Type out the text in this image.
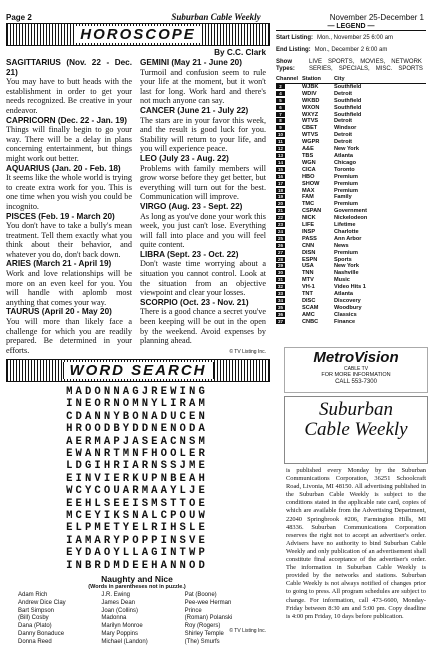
Page 2	Suburban Cable Weekly	November 25-December 1
HOROSCOPE
By C.C. Clark
SAGITTARIUS (Nov. 22 - Dec. 21)
You may have to butt heads with the establishment in order to get your needs recognized. Be creative in your endeavor.
CAPRICORN (Dec. 22 - Jan. 19)
Things will finally begin to go your way. There will be a delay in plans concerning entertainment, but things might work out better.
AQUARIUS (Jan. 20 - Feb. 18)
It seems like the whole world is trying to create extra work for you. This is one time when you wish you could be incognito.
PISCES (Feb. 19 - March 20)
You don't have to take a bully's mean treatment. Tell them exactly what you think about their behavior, and whatever you do, don't back down.
ARIES (March 21 - April 19)
Work and love relationships will be more on an even keel for you. You will handle with aplomb most anything that comes your way.
TAURUS (April 20 - May 20)
You will more than likely face a challenge for which you are readily prepared. Be determined in your efforts.
GEMINI (May 21 - June 20)
Turmoil and confusion seem to rule your life at the moment, but it won't last for long. Work hard and there's not much anyone can say.
CANCER (June 21 - July 22)
The stars are in your favor this week, and the result is good luck for you. Stability will return to your life, and you will experience peace.
LEO (July 23 - Aug. 22)
Problems with family members will grow worse before they get better, but everything will turn out for the best. Communication will improve.
VIRGO (Aug. 23 - Sept. 22)
As long as you've done your work this week, you just can't lose. Everything will fall into place and you will feel quite content.
LIBRA (Sept. 23 - Oct. 22)
Don't waste time worrying about a situation you cannot control. Look at the situation from an objective viewpoint and clear your losses.
SCORPIO (Oct. 23 - Nov. 21)
There is a good chance a secret you've been keeping will be out in the open by the weekend. Avoid expenses by planning ahead.
© TV Listing Inc.
— LEGEND —
Start Listing: Mon., November 25 6:00 am
End Listing: Mon., December 2 6:00 am
Show Types:
LIVE SPORTS, MOVIES, NETWORK
SERIES, SPECIALS, MISC. SPORTS
Channel Station	City
2	WJBK	Southfield
4	WDIV	Detroit
5	WKBD	Southfield
6	WXON	Southfield
7	WXYZ	Southfield
8	WTVS	Detroit
9	CBET	Windsor
10	WTVS	Detroit
11	WGPR	Detroit
12	A&E	New York
13	TBS	Atlanta
14	WGN	Chicago
15	CICA	Toronto
16	HBO	Premium
17	SHOW	Premium
18	MAX	Premium
19	FAM	Family
20	TMC	Premium
21	CSPAN	Government
22	NICK	Nickelodeon
23	LIFE	Lifetime
24	INSP	Charlotte
25	PASS	Ann Arbor
26	CNN	News
27	DISN	Premium
28	ESPN	Sports
29	USA	New York
30	TNN	Nashville
31	MTV	Music
32	VH-1	Video Hits 1
33	TNT	Atlanta
34	DISC	Discovery
35	SCAM	Woodbury
36	AMC	Classics
37	CNBC	Finance
WORD SEARCH
MADONNAGJREWING
INEORNOMNYLIRAM
CDANNYBONADUCEN
HROODBYDDNENODA
AERMAPJASEACNSM
EWANRTMNFHOOLER
LDGIHRIARNSSJME
EINVIERKUPNBEAH
WCYCOUARMAAYLJE
EEHLSEEISMSTTOE
MCEYIKSNALCPOUW
ELPMETYELRIHSLE
IAMARYPOPPINSVE
EYDAOYLLAGINTWP
INBRDMDEEHANNOD
Naughty and Nice
(Words in parentheses not in puzzle.)
Adam Rich
Andrew Dice Clay
Bart Simpson
(Bill) Cosby
Dana (Plato)
Danny Bonaduce
Donna Reed
J.R. Ewing
James Dean
Joan (Collins)
Madonna
Marilyn Monroe
Mary Poppins
Michael (Landon)
Pat (Boone)
Pee-wee Herman
Prince
(Roman) Polanski
Roy (Rogers)
Shirley Temple
(The) Smurfs
© TV Listing Inc.
MetroVision
CABLE TV
FOR MORE INFORMATION
CALL 553-7300
Suburban Cable Weekly
is published every Monday by the Suburban Communications Corporation, 36251 Schoolcraft Road, Livonia, MI 48150. All advertising published in the Suburban Cable Weekly is subject to the conditions stated in the applicable rate card, copies of which are available from the Advertising Department, 22040 Springbrook #206, Farmington Hills, MI 48336. Suburban Communications Corporation reserves the right not to accept an advertiser's order. Advisers have no authority to bind Suburban Cable Weekly and only publication of an advertisement shall constitute final acceptance of the advertiser's order. The information in Suburban Cable Weekly is provided by the networks and stations. Suburban Cable Weekly is not always notified of changes prior to going to press. All program schedules are subject to change. For information, call 473-6600, Monday-Friday between 8:30 am and 5:00 pm. Copy deadline is 4:00 pm Friday, 10 days before publication.
